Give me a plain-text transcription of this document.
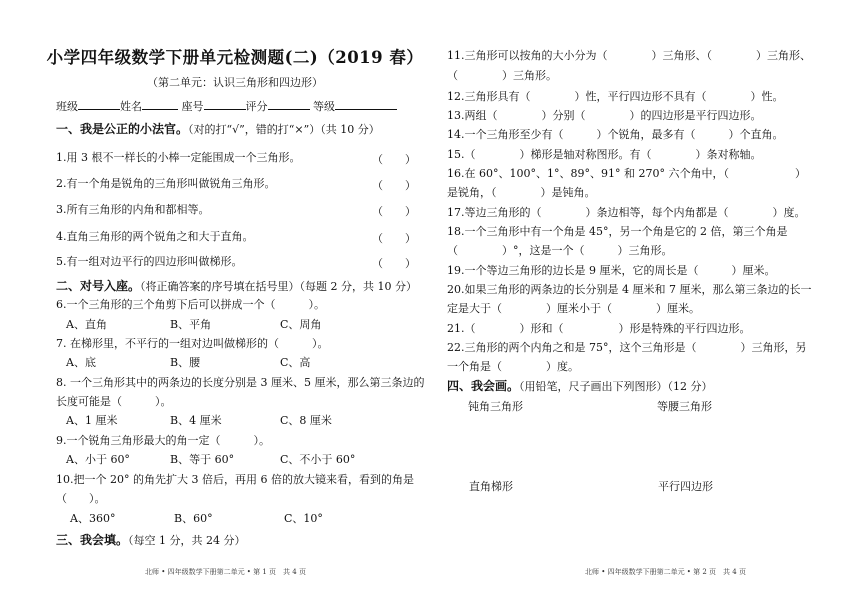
小学四年级数学下册单元检测题(二)（2019 春）
（第二单元：认识三角形和四边形）
班级	姓名	座号	评分	等级
一、我是公正的小法官。（对的打“√”，错的打“×”）（共 10 分）
1.用 3 根不一样长的小棒一定能围成一个三角形。	（　　）
2.有一个角是锐角的三角形叫做锐角三角形。	（　　）
3.所有三角形的内角和都相等。	（　　）
4.直角三角形的两个锐角之和大于直角。	（　　）
5.有一组对边平行的四边形叫做梯形。	（　　）
二、对号入座。（将正确答案的序号填在括号里）（每题 2 分，共 10 分）
6.一个三角形的三个角剪下后可以拼成一个（　　　）。
A、直角	B、平角	C、周角
7. 在梯形里，不平行的一组对边叫做梯形的（　　　）。
A、底	B、腰	C、高
8. 一个三角形其中的两条边的长度分别是 3 厘米、5 厘米，那么第三条边的
长度可能是（　　　）。
A、1 厘米	B、4 厘米	C、8 厘米
9.一个锐角三角形最大的角一定（　　　）。
A、小于 60°	B、等于 60°	C、不小于 60°
10.把一个 20° 的角先扩大 3 倍后，再用 6 倍的放大镜来看，看到的角是
（　　）。
A、360°	B、60°	C、10°
三、我会填。（每空 1 分，共 24 分）
北师 • 四年级数学下册第二单元 • 第 1 页　共 4 页
11.三角形可以按角的大小分为（　　　　）三角形、（　　　　）三角形、
（　　　　）三角形。
12.三角形具有（　　　　）性，平行四边形不具有（　　　　）性。
13.两组（　　　　）分别（　　　　）的四边形是平行四边形。
14.一个三角形至少有（　　　）个锐角，最多有（　　　）个直角。
15.（　　　　）梯形是轴对称图形。有（　　　　）条对称轴。
16.在 60°、100°、1°、89°、91° 和 270° 六个角中，（　　　　　　）
是锐角，（　　　　）是钝角。
17.等边三角形的（　　　　）条边相等，每个内角都是（　　　　）度。
18.一个三角形中有一个角是 45°，另一个角是它的 2 倍，第三个角是
（　　　　）°，这是一个（　　　）三角形。
19.一个等边三角形的边长是 9 厘米，它的周长是（　　　）厘米。
20.如果三角形的两条边的长分别是 4 厘米和 7 厘米，那么第三条边的长一
定是大于（　　　　）厘米小于（　　　　）厘米。
21.（　　　　）形和（　　　　　）形是特殊的平行四边形。
22.三角形的两个内角之和是 75°，这个三角形是（　　　　）三角形，另
一个角是（　　　　）度。
四、我会画。（用铅笔，尺子画出下列图形）（12 分）
钝角三角形	等腰三角形
直角梯形	平行四边形
北师 • 四年级数学下册第二单元 • 第 2 页　共 4 页
